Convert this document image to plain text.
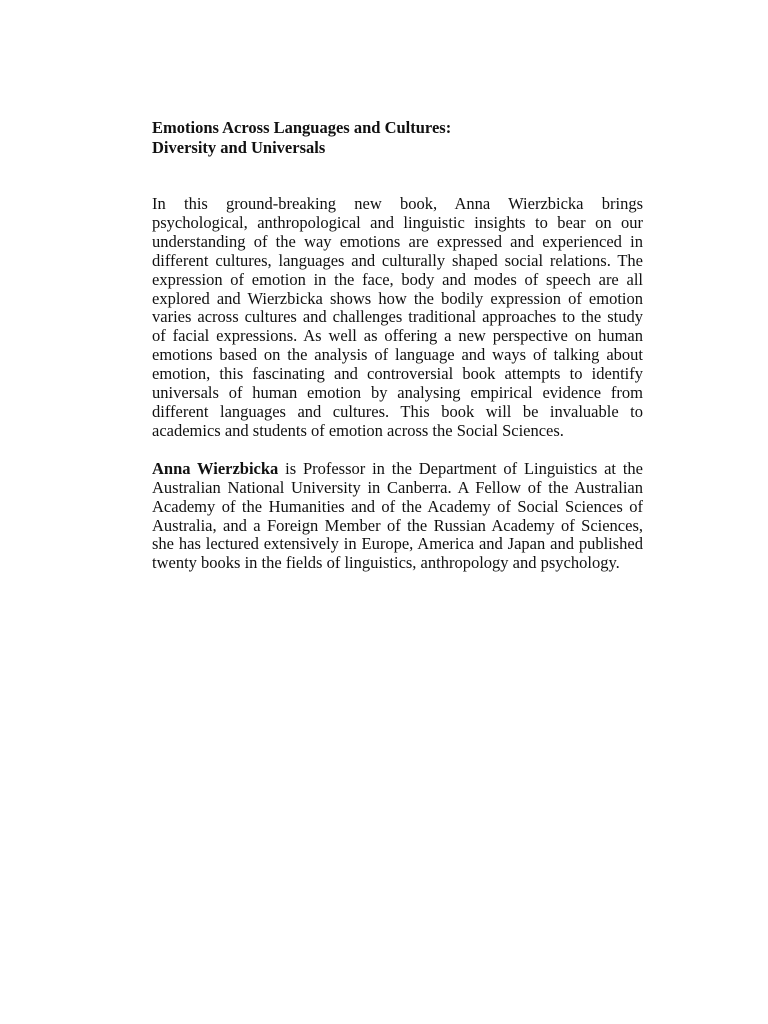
Emotions Across Languages and Cultures:
Diversity and Universals

In this ground-breaking new book, Anna Wierzbicka brings psychological, anthropological and linguistic insights to bear on our understanding of the way emotions are expressed and experienced in different cultures, languages and culturally shaped social relations. The expression of emotion in the face, body and modes of speech are all explored and Wierzbicka shows how the bodily expression of emotion varies across cultures and challenges traditional approaches to the study of facial expressions. As well as offering a new perspective on human emotions based on the analysis of language and ways of talking about emotion, this fascinating and controversial book attempts to identify universals of human emotion by analysing empirical evidence from different languages and cultures. This book will be invaluable to academics and students of emotion across the Social Sciences.

Anna Wierzbicka is Professor in the Department of Linguistics at the Australian National University in Canberra. A Fellow of the Australian Academy of the Humanities and of the Academy of Social Sciences of Australia, and a Foreign Member of the Russian Academy of Sciences, she has lectured extensively in Europe, America and Japan and published twenty books in the fields of linguistics, anthropology and psychology.
